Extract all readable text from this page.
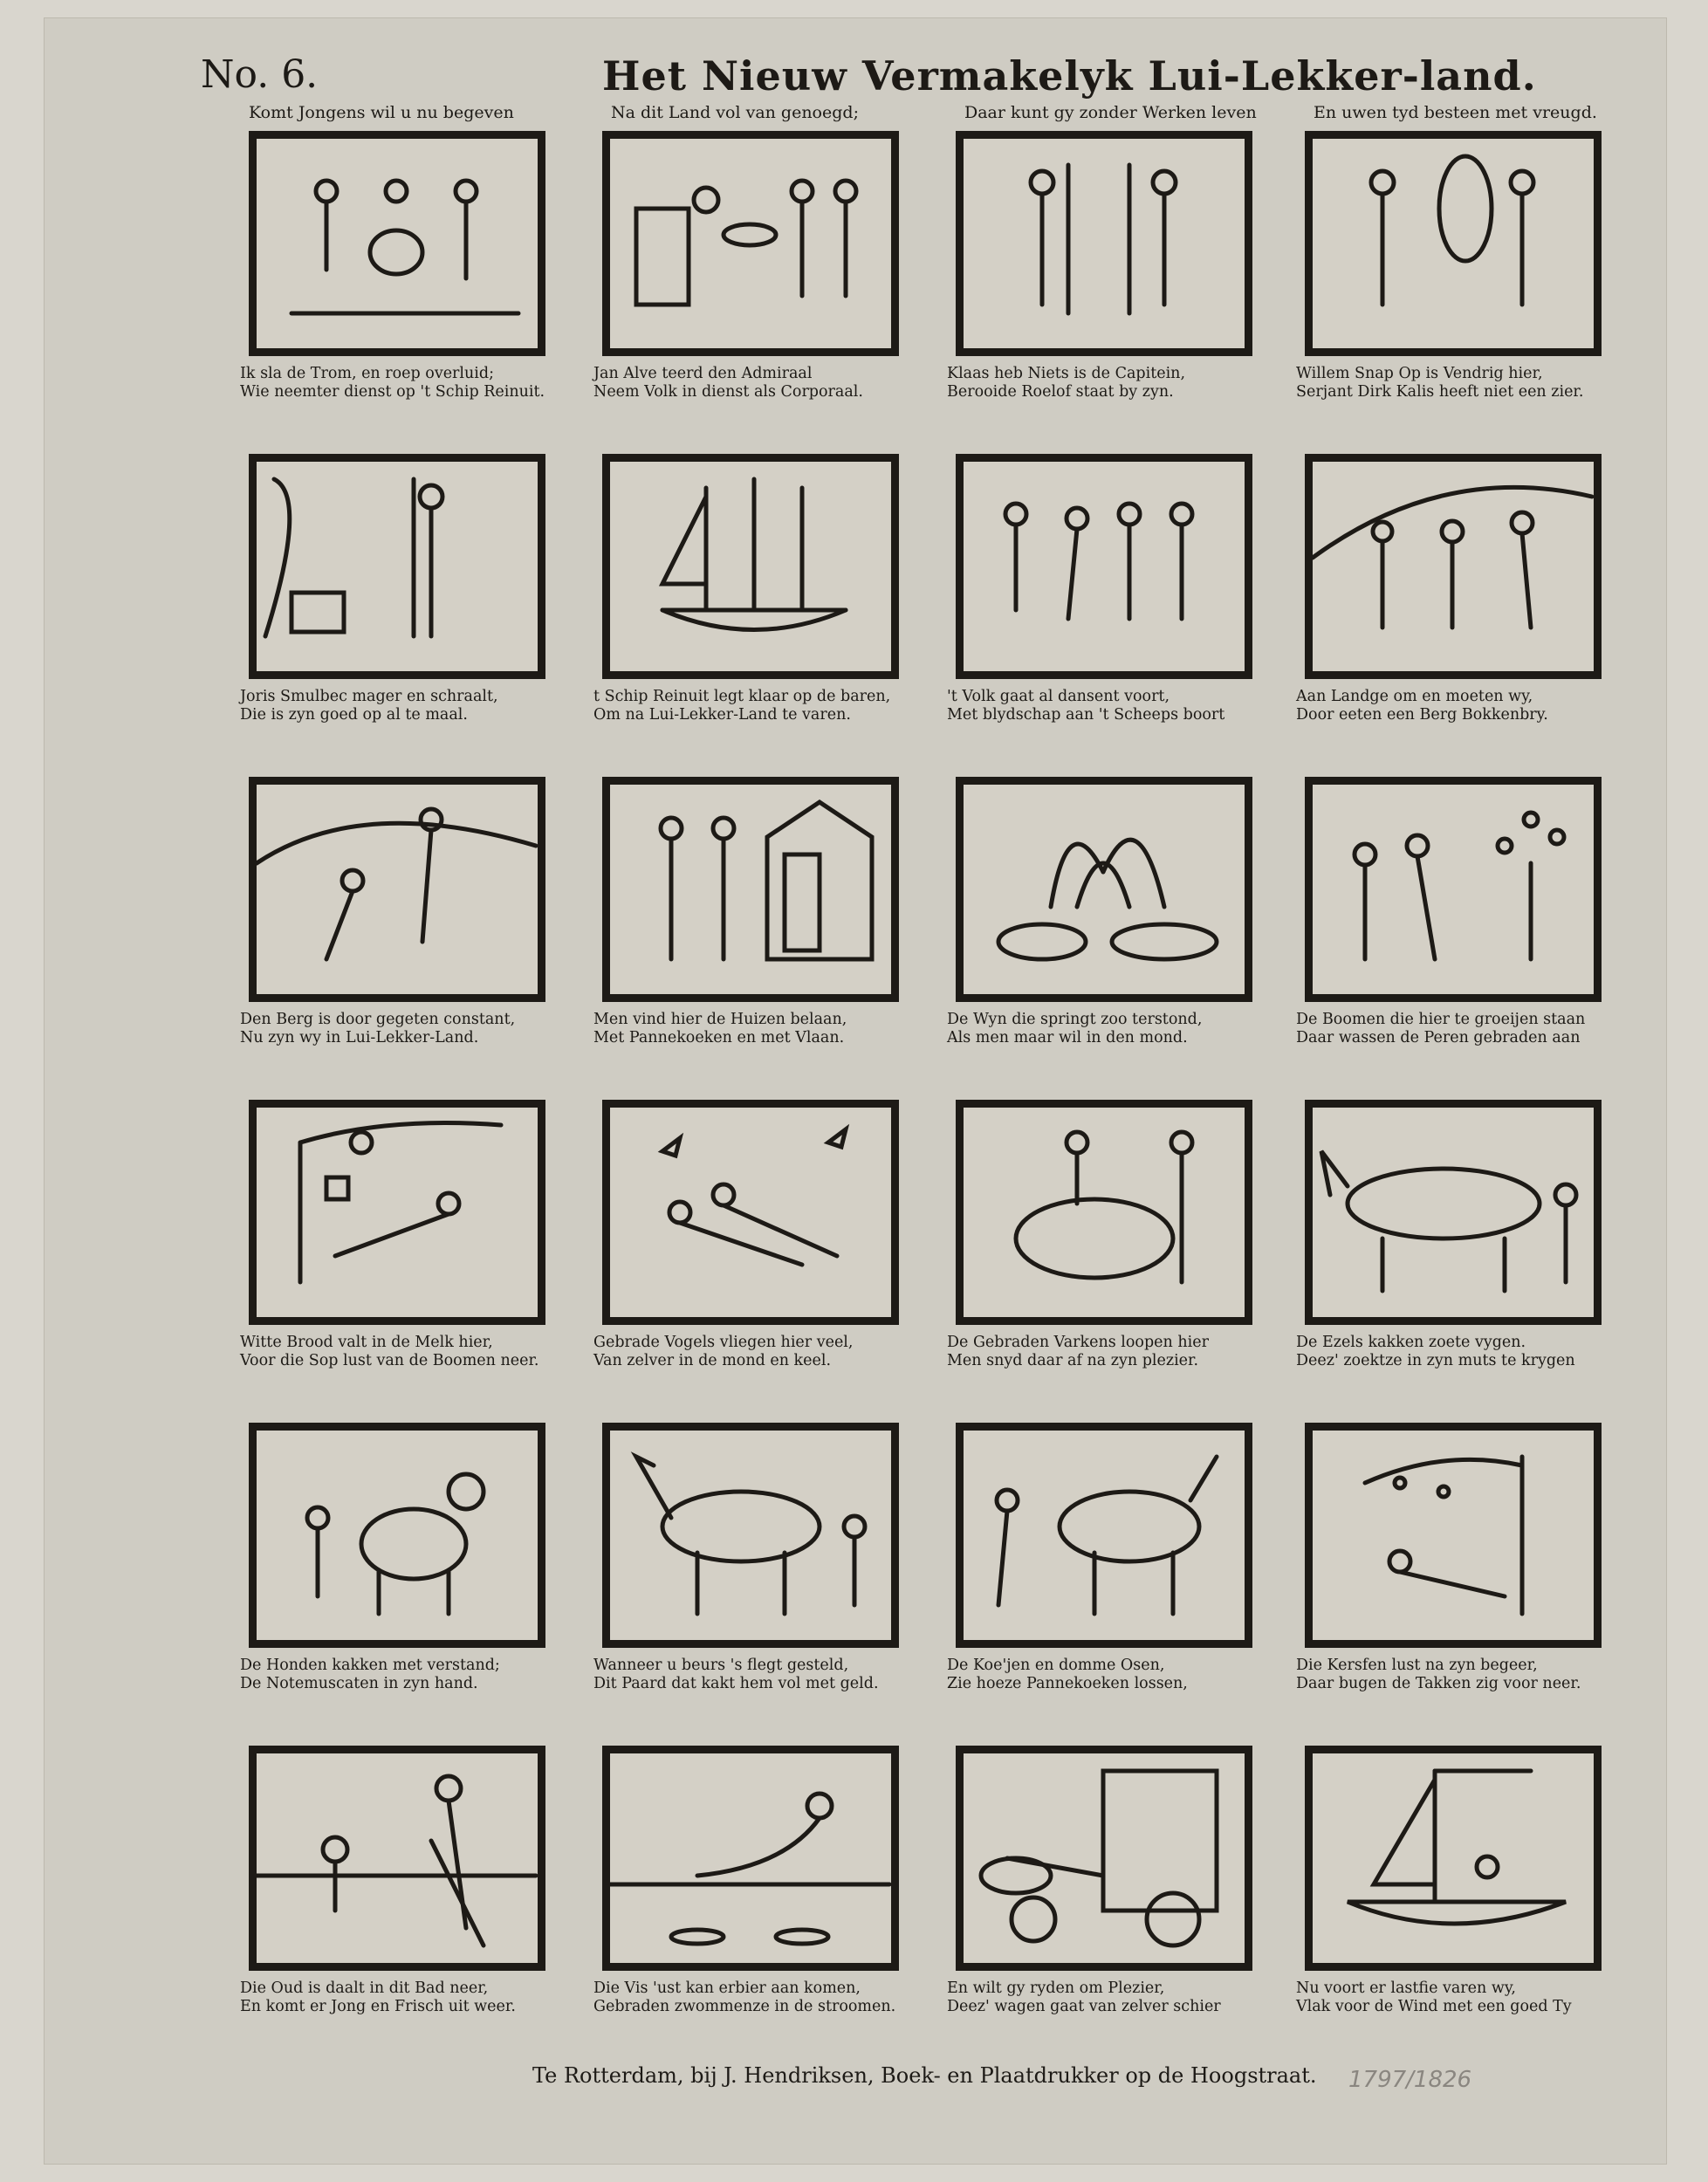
No. 6.	Het Nieuw Vermakelyk Lui-Lekker-land.
Komt Jongens wil u nu begeven	Na dit Land vol van genoegd;	Daar kunt gy zonder Werken leven	En uwen tyd besteen met vreugd.
Ik sla de Trom, en roep overluid;
Wie neemter dienst op 't Schip Reinuit.
Jan Alve teerd den Admiraal
Neem Volk in dienst als Corporaal.
Klaas heb Niets is de Capitein,
Berooide Roelof staat by zyn.
Willem Snap Op is Vendrig hier,
Serjant Dirk Kalis heeft niet een zier.
Joris Smulbec mager en schraalt,
Die is zyn goed op al te maal.
t Schip Reinuit legt klaar op de baren,
Om na Lui-Lekker-Land te varen.
't Volk gaat al dansent voort,
Met blydschap aan 't Scheeps boort
Aan Landge om en moeten wy,
Door eeten een Berg Bokkenbry.
Den Berg is door gegeten constant,
Nu zyn wy in Lui-Lekker-Land.
Men vind hier de Huizen belaan,
Met Pannekoeken en met Vlaan.
De Wyn die springt zoo terstond,
Als men maar wil in den mond.
De Boomen die hier te groeijen staan
Daar wassen de Peren gebraden aan
Witte Brood valt in de Melk hier,
Voor die Sop lust van de Boomen neer.
Gebrade Vogels vliegen hier veel,
Van zelver in de mond en keel.
De Gebraden Varkens loopen hier
Men snyd daar af na zyn plezier.
De Ezels kakken zoete vygen.
Deez' zoektze in zyn muts te krygen
De Honden kakken met verstand;
De Notemuscaten in zyn hand.
Wanneer u beurs 's flegt gesteld,
Dit Paard dat kakt hem vol met geld.
De Koe'jen en domme Osen,
Zie hoeze Pannekoeken lossen,
Die Kersfen lust na zyn begeer,
Daar bugen de Takken zig voor neer.
Die Oud is daalt in dit Bad neer,
En komt er Jong en Frisch uit weer.
Die Vis 'ust kan erbier aan komen,
Gebraden zwommenze in de stroomen.
En wilt gy ryden om Plezier,
Deez' wagen gaat van zelver schier
Nu voort er lastfie varen wy,
Vlak voor de Wind met een goed Ty
Te Rotterdam, bij J. Hendriksen, Boek- en Plaatdrukker op de Hoogstraat. 1797/1826
